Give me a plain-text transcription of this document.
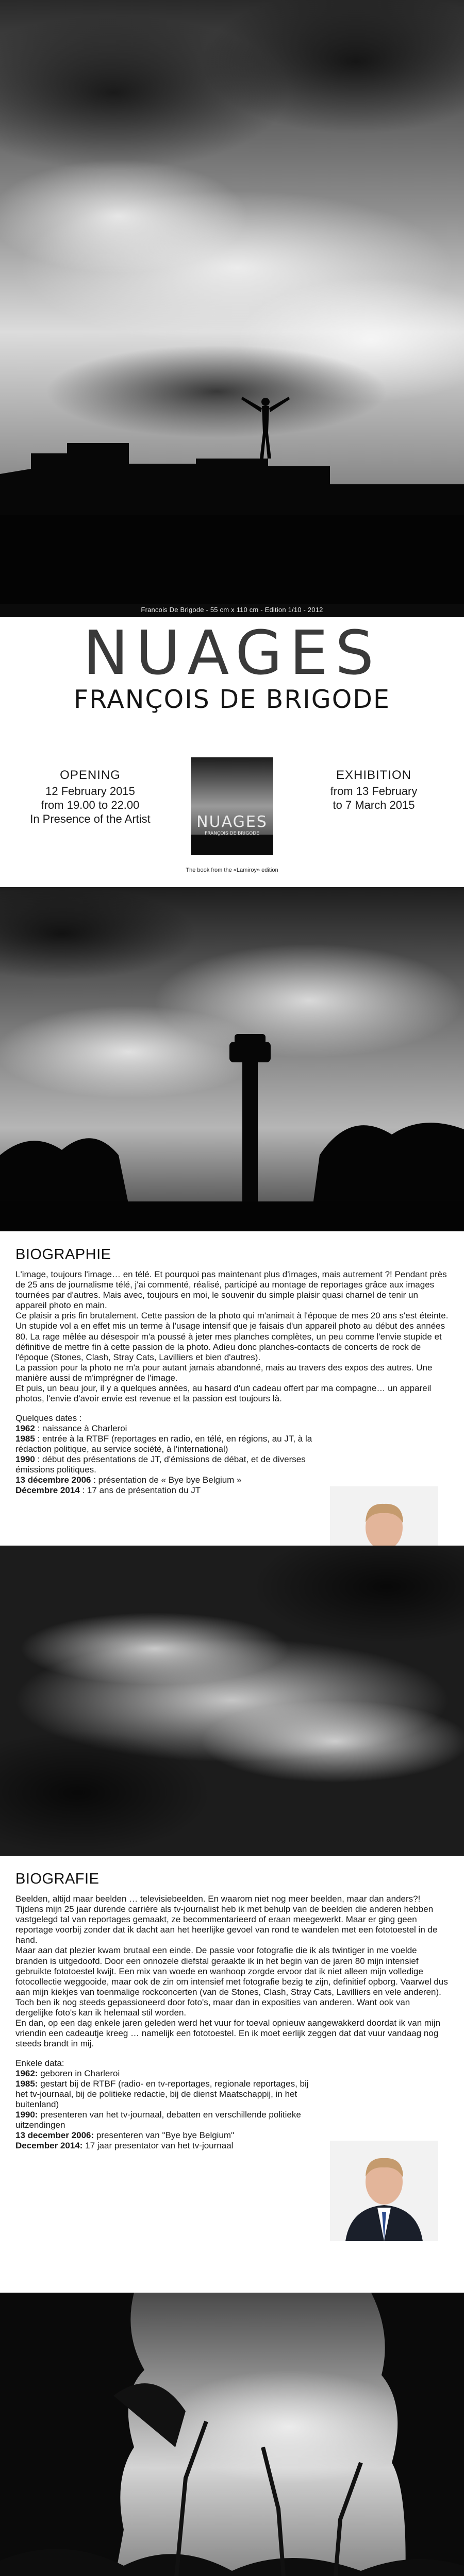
Francois De Brigode - 55 cm x 110 cm - Edition 1/10 - 2012
NUAGES
FRANÇOIS DE BRIGODE
OPENING
12 February 2015
from 19.00 to 22.00
In Presence of the Artist	NUAGES
FRANÇOIS DE BRIGODE
The book from the «Lamiroy» edition
EXHIBITION
from 13 February
to 7 March 2015
BIOGRAPHIE

L'image, toujours l'image… en télé. Et pourquoi pas maintenant plus d'images, mais autrement ?! Pendant près de 25 ans de journalisme télé, j'ai commenté, réalisé, participé au montage de reportages grâce aux images tournées par d'autres. Mais avec, toujours en moi, le souvenir du simple plaisir quasi charnel de tenir un appareil photo en main.

Ce plaisir a pris fin brutalement. Cette passion de la photo qui m'animait à l'époque de mes 20 ans s'est éteinte. Un stupide vol a en effet mis un terme à l'usage intensif que je faisais d'un appareil photo au début des années 80. La rage mêlée au désespoir m'a poussé à jeter mes planches complètes, un peu comme l'envie stupide et définitive de mettre fin à cette passion de la photo. Adieu donc planches-contacts de concerts de rock de l'époque (Stones, Clash, Stray Cats, Lavilliers et bien d'autres).

La passion pour la photo ne m'a pour autant jamais abandonné, mais au travers des expos des autres. Une manière aussi de m'imprégner de l'image.

Et puis, un beau jour, il y a quelques années, au hasard d'un cadeau offert par ma compagne… un appareil photos, l'envie d'avoir envie est revenue et la passion est toujours là.

Quelques dates :
1962 : naissance à Charleroi
1985 : entrée à la RTBF (reportages en radio, en télé, en régions, au JT, à la rédaction politique, au service société, à l'international)
1990 : début des présentations de JT, d'émissions de débat, et de diverses émissions politiques.
13 décembre 2006 : présentation de « Bye bye Belgium »
Décembre 2014 : 17 ans de présentation du JT
BIOGRAFIE

Beelden, altijd maar beelden … televisiebeelden. En waarom niet nog meer beelden, maar dan anders?! Tijdens mijn 25 jaar durende carrière als tv-journalist heb ik met behulp van de beelden die anderen hebben vastgelegd tal van reportages gemaakt, ze becommentarieerd of eraan meegewerkt. Maar er ging geen reportage voorbij zonder dat ik dacht aan het heerlijke gevoel van rond te wandelen met een fototoestel in de hand.

Maar aan dat plezier kwam brutaal een einde. De passie voor fotografie die ik als twintiger in me voelde branden is uitgedoofd. Door een onnozele diefstal geraakte ik in het begin van de jaren 80 mijn intensief gebruikte fototoestel kwijt. Een mix van woede en wanhoop zorgde ervoor dat ik niet alleen mijn volledige fotocollectie weggooide, maar ook de zin om intensief met fotografie bezig te zijn, definitief opborg. Vaarwel dus aan mijn kiekjes van toenmalige rockconcerten (van de Stones, Clash, Stray Cats, Lavilliers en vele anderen).

Toch ben ik nog steeds gepassioneerd door foto's, maar dan in exposities van anderen. Want ook van dergelijke foto's kan ik helemaal stil worden.

En dan, op een dag enkele jaren geleden werd het vuur for toeval opnieuw aangewakkerd doordat ik van mijn vriendin een cadeautje kreeg … namelijk een fototoestel. En ik moet eerlijk zeggen dat dat vuur vandaag nog steeds brandt in mij.

Enkele data:
1962: geboren in Charleroi
1985: gestart bij de RTBF (radio- en tv-reportages, regionale reportages, bij het tv-journaal, bij de politieke redactie, bij de dienst Maatschappij, in het buitenland)
1990: presenteren van het tv-journaal, debatten en verschillende politieke uitzendingen
13 december 2006: presenteren van "Bye bye Belgium"
December 2014: 17 jaar presentator van het tv-journaal
